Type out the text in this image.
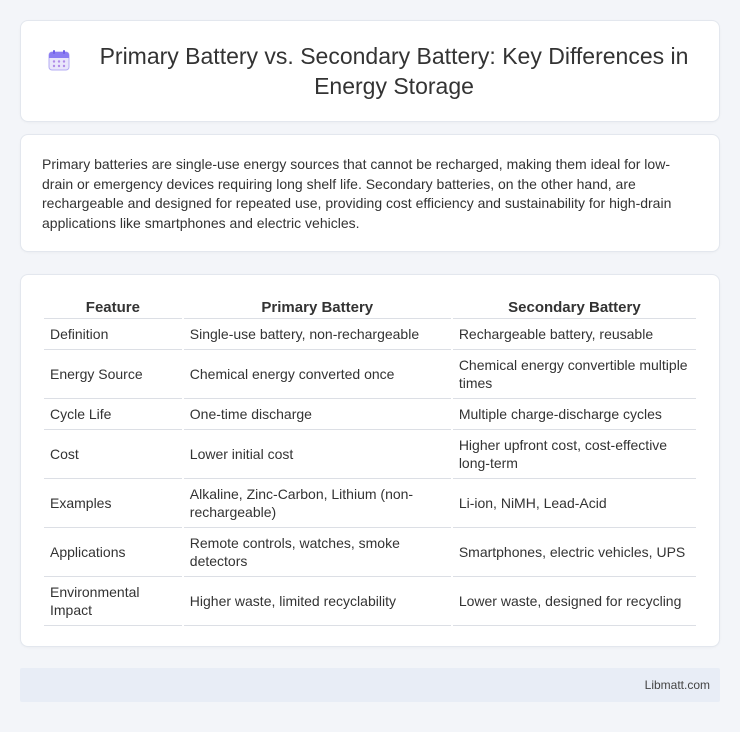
Primary Battery vs. Secondary Battery: Key Differences in Energy Storage

Primary batteries are single-use energy sources that cannot be recharged, making them ideal for low-drain or emergency devices requiring long shelf life. Secondary batteries, on the other hand, are rechargeable and designed for repeated use, providing cost efficiency and sustainability for high-drain applications like smartphones and electric vehicles.

Feature	Primary Battery	Secondary Battery
Definition	Single-use battery, non-rechargeable	Rechargeable battery, reusable
Energy Source	Chemical energy converted once	Chemical energy convertible multiple times
Cycle Life	One-time discharge	Multiple charge-discharge cycles
Cost	Lower initial cost	Higher upfront cost, cost-effective long-term
Examples	Alkaline, Zinc-Carbon, Lithium (non-rechargeable)	Li-ion, NiMH, Lead-Acid
Applications	Remote controls, watches, smoke detectors	Smartphones, electric vehicles, UPS
Environmental Impact	Higher waste, limited recyclability	Lower waste, designed for recycling
Libmatt.com
